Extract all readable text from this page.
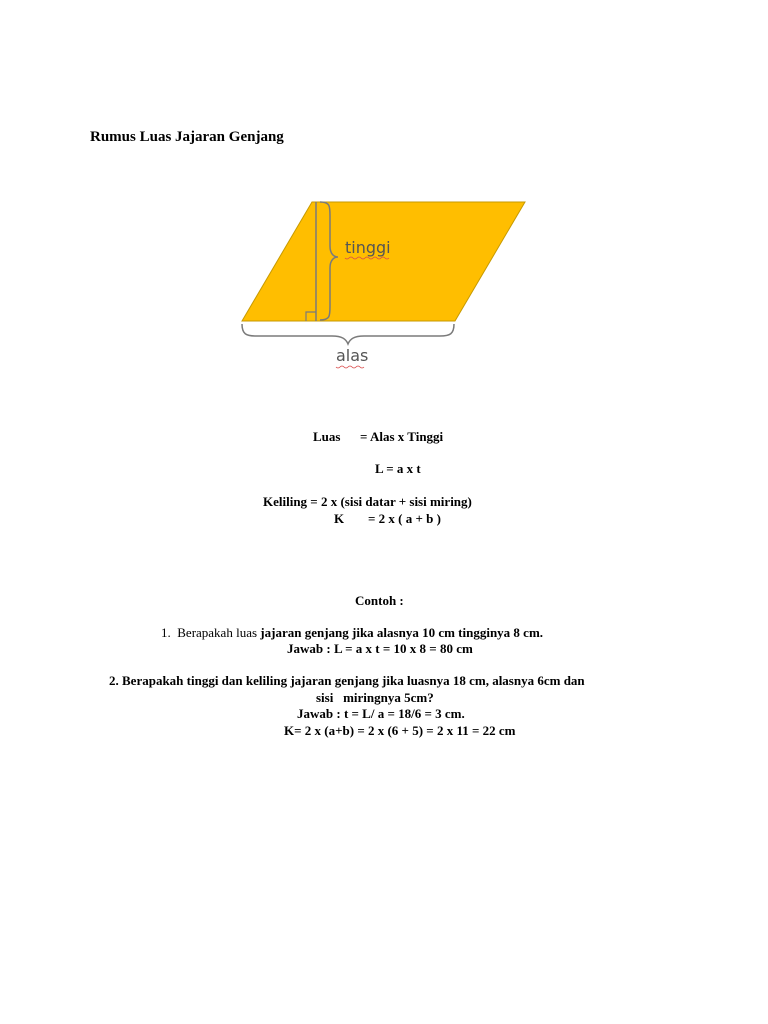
Rumus Luas Jajaran Genjang
tinggi
alas
Luas = Alas x Tinggi
L = a x t
Keliling = 2 x (sisi datar + sisi miring)
K = 2 x ( a + b )
Contoh :
1.  Berapakah luas jajaran genjang jika alasnya 10 cm tingginya 8 cm.
Jawab : L = a x t = 10 x 8 = 80 cm
2. Berapakah tinggi dan keliling jajaran genjang jika luasnya 18 cm, alasnya 6cm dan
sisi   miringnya 5cm?
Jawab : t = L/ a = 18/6 = 3 cm.
K= 2 x (a+b) = 2 x (6 + 5) = 2 x 11 = 22 cm
